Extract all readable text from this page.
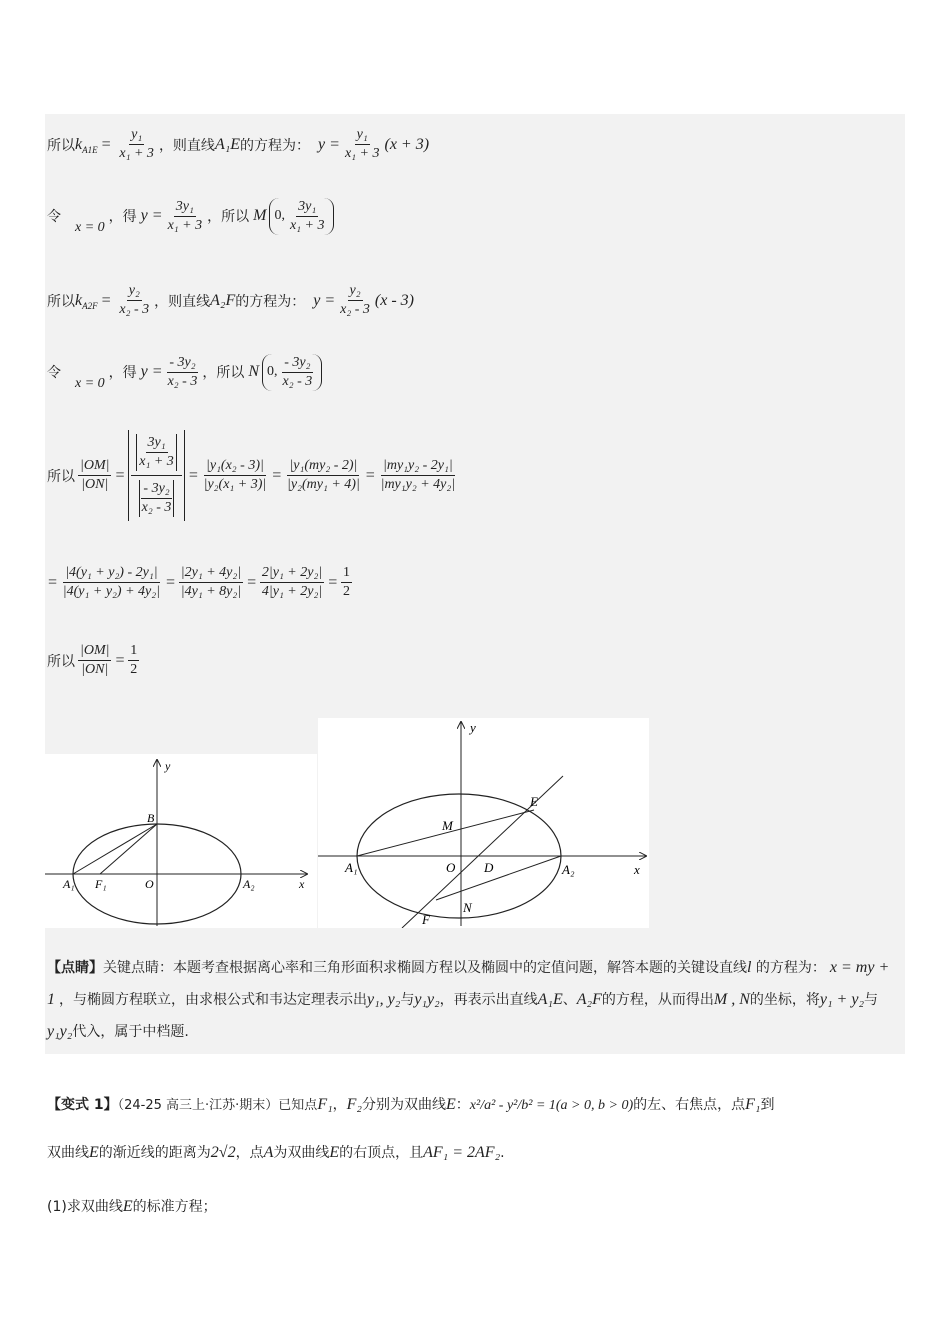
所以 k $A1E = \frac{\text{y₁}}{\text{x₁ + 3}}$ ，则直线 A₁E 的方程为： $y = \frac{\text{y₁}}{\text{x₁ + 3}} (x + 3)$
令
x = 0
，得 $y = \frac{\text{3y₁}}{\text{x₁ + 3}}$ ，所以 M 0, $\frac{\text{3y₁}}{\text{x₁ + 3}}$
所以 k $A2F = \frac{\text{y₂}}{\text{x₂ - 3}}$ ，则直线 A₂F 的方程为： $y = \frac{\text{y₂}}{\text{x₂ - 3}} (x - 3)$
令
x = 0
，得 $y = \frac{\text{- 3y₂}}{\text{x₂ - 3}}$ ，所以 N 0, $\frac{\text{- 3y₂}}{\text{x₂ - 3}}$
所以 $\frac{|OM|}{|ON|} = \frac{\frac{\text{3y₁}}{\text{x₁ + 3}}}{\frac{\text{- 3y₂}}{\text{x₂ - 3}}} = \frac{\text{|y₁(x₂ - 3)|}}{\text{|y₂(x₁ + 3)|}} = \frac{\text{|y₁(my₂ - 2)|}}{\text{|y₂(my₁ + 4)|}} = \frac{\text{|my₁y₂ - 2y₁|}}{\text{|my₁y₂ + 4y₂|}}$
= $\frac{\text{|4(y₁ + y₂) - 2y₁|}}{\text{|4(y₁ + y₂) + 4y₂|}} = \frac{\text{|2y₁ + 4y₂|}}{\text{|4y₁ + 8y₂|}} = \frac{\text{2|y₁ + 2y₂|}}{\text{4|y₁ + 2y₂|}} = \frac{1}{2}$
所以 $\frac{|OM|}{|ON|} = \frac{1}{2}$
y
x
B
A₁ F₁	O	A₂
y
x
E
M
A₁	O D	A₂
N
F
【点睛】关键点睛：本题考查根据离心率和三角形面积求椭圆方程以及椭圆中的定值问题，解答本题的关键设直线l 的方程为： x = my + 1 ，与椭圆方程联立，由求根公式和韦达定理表示出y₁, y₂与y₁y₂，再表示出直线A₁E、A₂F的方程，从而得出M , N的坐标，将y₁ + y₂与y₁y₂代入，属于中档题.
【变式 1】（24-25 高三上·江苏·期末）已知点F₁，F₂分别为双曲线E：x²/a² - y²/b² = 1(a > 0, b > 0)的左、右焦点，点F₁到
双曲线E的渐近线的距离为2√2，点A为双曲线E的右顶点，且AF₁ = 2AF₂.
(1)求双曲线E的标准方程；
